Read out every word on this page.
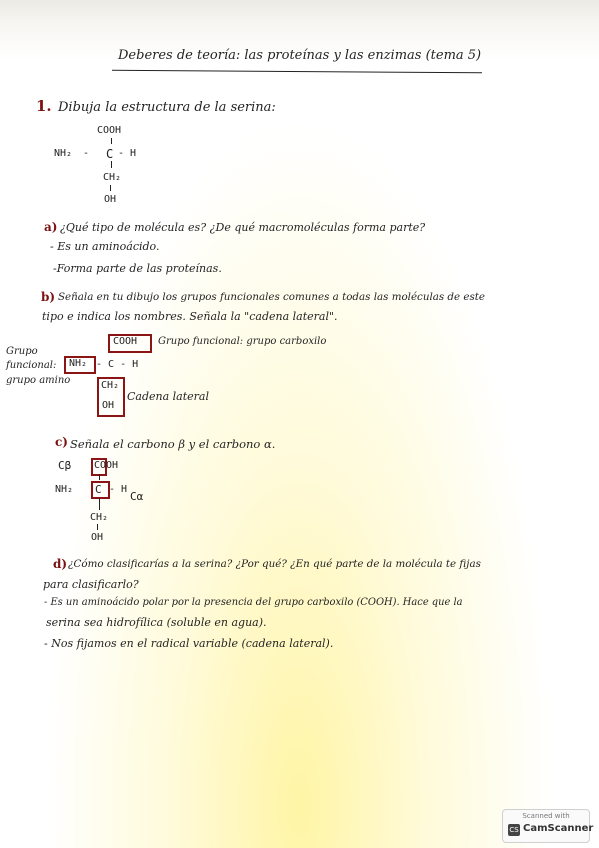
Deberes de teoría: las proteínas y las enzimas (tema 5)
1. Dibuja la estructura de la serina:
COOH
NH₂ - C - H
CH₂
OH
a) ¿Qué tipo de molécula es? ¿De qué macromoléculas forma parte?
- Es un aminoácido.
-Forma parte de las proteínas.
b) Señala en tu dibujo los grupos funcionales comunes a todas las moléculas de este
tipo e indica los nombres. Señala la "cadena lateral".
COOH Grupo funcional: grupo carboxilo
Grupo
funcional:
grupo amino
NH₂ - C - H
CH₂
OH
Cadena lateral
c) Señala el carbono β y el carbono α.
Cβ COOH
NH₂ C - H
Cα
CH₂
OH
d) ¿Cómo clasificarías a la serina? ¿Por qué? ¿En qué parte de la molécula te fijas
para clasificarlo?
- Es un aminoácido polar por la presencia del grupo carboxilo (COOH). Hace que la
serina sea hidrofílica (soluble en agua).
- Nos fijamos en el radical variable (cadena lateral).
Scanned with
CS CamScanner
